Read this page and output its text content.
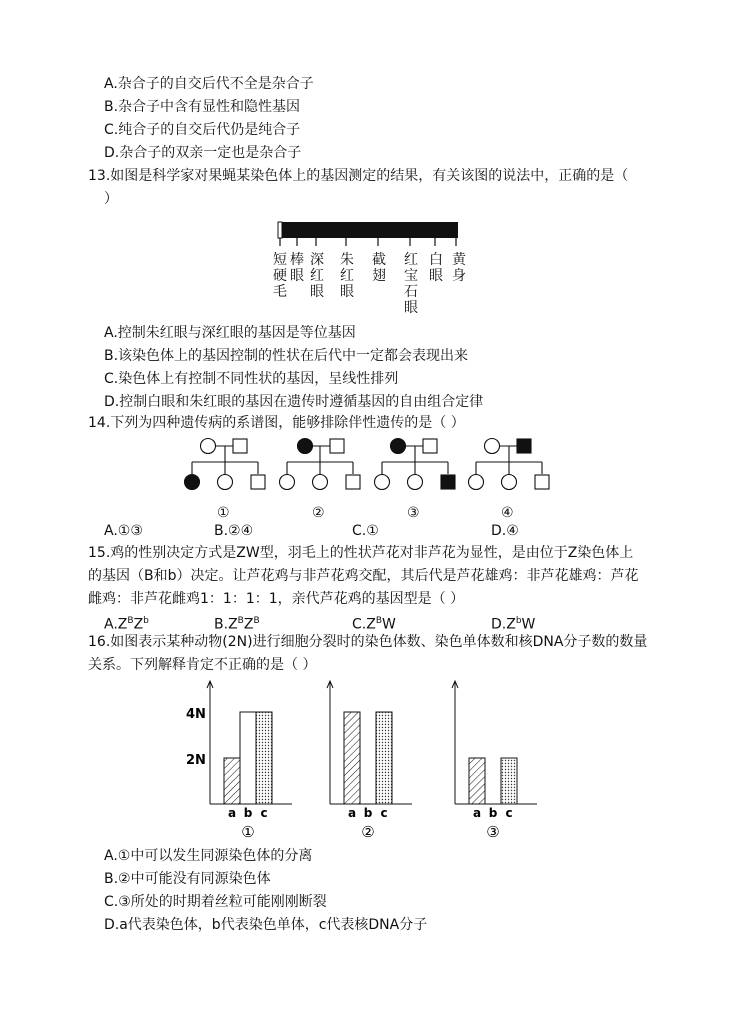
A.杂合子的自交后代不全是杂合子
B.杂合子中含有显性和隐性基因
C.纯合子的自交后代仍是纯合子
D.杂合子的双亲一定也是杂合子
13.如图是科学家对果蝇某染色体上的基因测定的结果，有关该图的说法中，正确的是（
）
短硬毛
棒眼
深红眼
朱红眼
截翅
红宝石眼
白眼
黄身
A.控制朱红眼与深红眼的基因是等位基因
B.该染色体上的基因控制的性状在后代中一定都会表现出来
C.染色体上有控制不同性状的基因，呈线性排列
D.控制白眼和朱红眼的基因在遗传时遵循基因的自由组合定律
14.下列为四种遗传病的系谱图，能够排除伴性遗传的是（ ）
①	②	③	④
A.①③	B.②④	C.①	D.④
15.鸡的性别决定方式是ZW型，羽毛上的性状芦花对非芦花为显性，是由位于Z染色体上
的基因（B和b）决定。让芦花鸡与非芦花鸡交配，其后代是芦花雄鸡：非芦花雄鸡：芦花
雌鸡：非芦花雌鸡1：1：1：1，亲代芦花鸡的基因型是（ ）
$A.Z^BZ^b$	$B.Z^BZ^B$	$C.Z^BW$	$D.Z^bW$
16.如图表示某种动物(2N)进行细胞分裂时的染色体数、染色单体数和核DNA分子数的数量
关系。下列解释肯定不正确的是（ ）
4N
2N
a b c
①
a b c
②
a b c
③
A.①中可以发生同源染色体的分离
B.②中可能没有同源染色体
C.③所处的时期着丝粒可能刚刚断裂
D.a代表染色体，b代表染色单体，c代表核DNA分子
